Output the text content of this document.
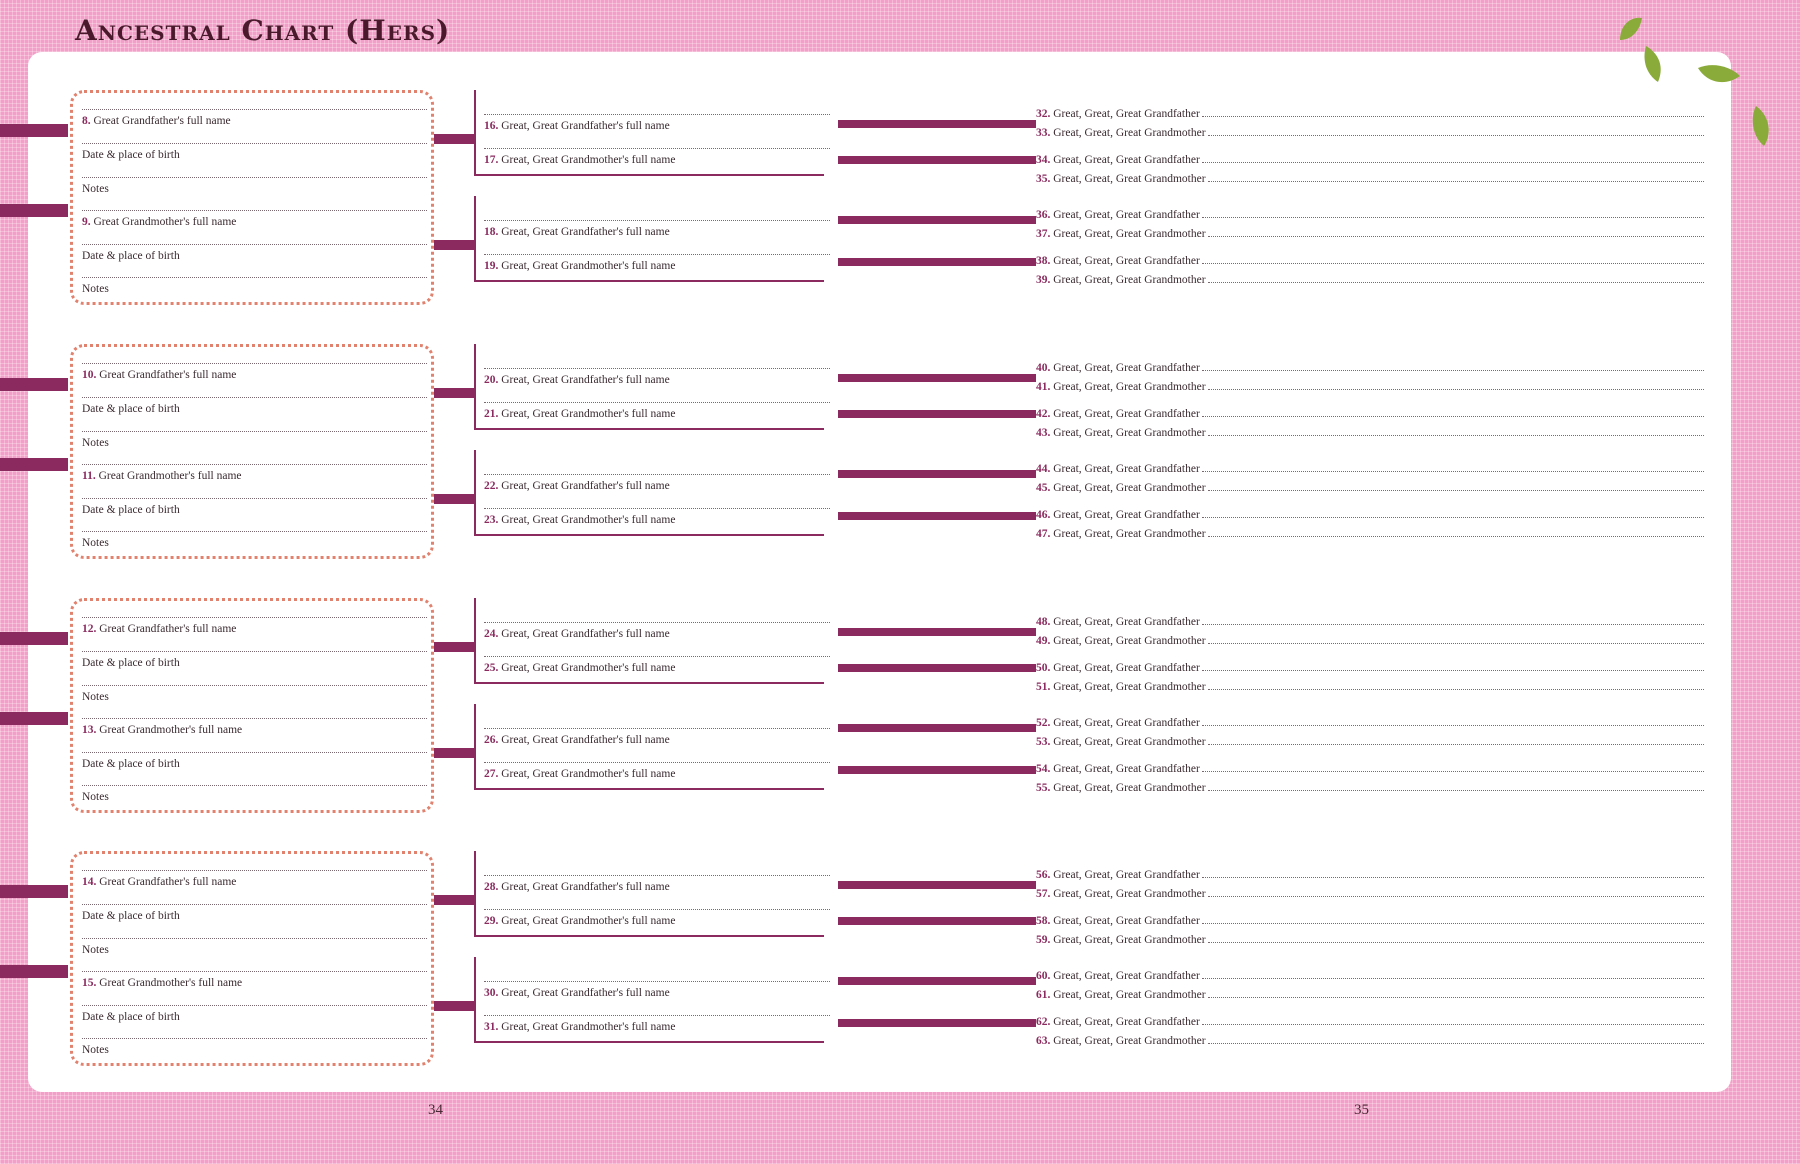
Ancestral Chart (Hers)
8. Great Grandfather's full name
Date & place of birth
Notes
9. Great Grandmother's full name
Date & place of birth
Notes
16. Great, Great Grandfather's full name
17. Great, Great Grandmother's full name
18. Great, Great Grandfather's full name
19. Great, Great Grandmother's full name
32. Great, Great, Great Grandfather
33. Great, Great, Great Grandmother
34. Great, Great, Great Grandfather
35. Great, Great, Great Grandmother
36. Great, Great, Great Grandfather
37. Great, Great, Great Grandmother
38. Great, Great, Great Grandfather
39. Great, Great, Great Grandmother
10. Great Grandfather's full name
Date & place of birth
Notes
11. Great Grandmother's full name
Date & place of birth
Notes
20. Great, Great Grandfather's full name
21. Great, Great Grandmother's full name
22. Great, Great Grandfather's full name
23. Great, Great Grandmother's full name
40. Great, Great, Great Grandfather
41. Great, Great, Great Grandmother
42. Great, Great, Great Grandfather
43. Great, Great, Great Grandmother
44. Great, Great, Great Grandfather
45. Great, Great, Great Grandmother
46. Great, Great, Great Grandfather
47. Great, Great, Great Grandmother
12. Great Grandfather's full name
Date & place of birth
Notes
13. Great Grandmother's full name
Date & place of birth
Notes
24. Great, Great Grandfather's full name
25. Great, Great Grandmother's full name
26. Great, Great Grandfather's full name
27. Great, Great Grandmother's full name
48. Great, Great, Great Grandfather
49. Great, Great, Great Grandmother
50. Great, Great, Great Grandfather
51. Great, Great, Great Grandmother
52. Great, Great, Great Grandfather
53. Great, Great, Great Grandmother
54. Great, Great, Great Grandfather
55. Great, Great, Great Grandmother
14. Great Grandfather's full name
Date & place of birth
Notes
15. Great Grandmother's full name
Date & place of birth
Notes
28. Great, Great Grandfather's full name
29. Great, Great Grandmother's full name
30. Great, Great Grandfather's full name
31. Great, Great Grandmother's full name
56. Great, Great, Great Grandfather
57. Great, Great, Great Grandmother
58. Great, Great, Great Grandfather
59. Great, Great, Great Grandmother
60. Great, Great, Great Grandfather
61. Great, Great, Great Grandmother
62. Great, Great, Great Grandfather
63. Great, Great, Great Grandmother
34	35
